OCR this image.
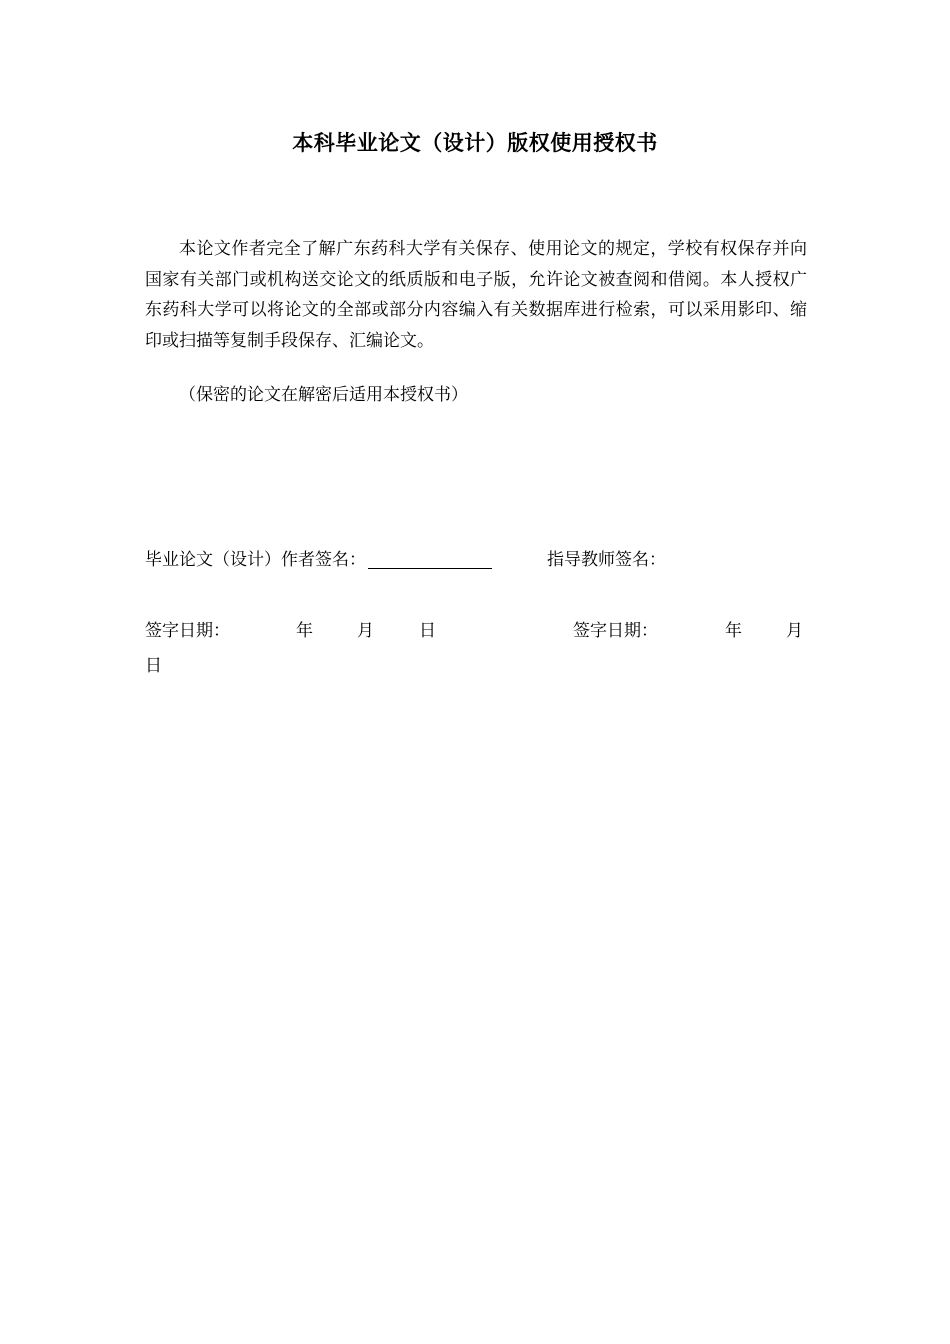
本科毕业论文（设计）版权使用授权书
本论文作者完全了解广东药科大学有关保存、使用论文的规定，学校有权保存并向国家有关部门或机构送交论文的纸质版和电子版，允许论文被查阅和借阅。本人授权广东药科大学可以将论文的全部或部分内容编入有关数据库进行检索，可以采用影印、缩印或扫描等复制手段保存、汇编论文。
（保密的论文在解密后适用本授权书）
毕业论文（设计）作者签名：	指导教师签名：
签字日期：	年	月	日	签字日期：	年	月
日
